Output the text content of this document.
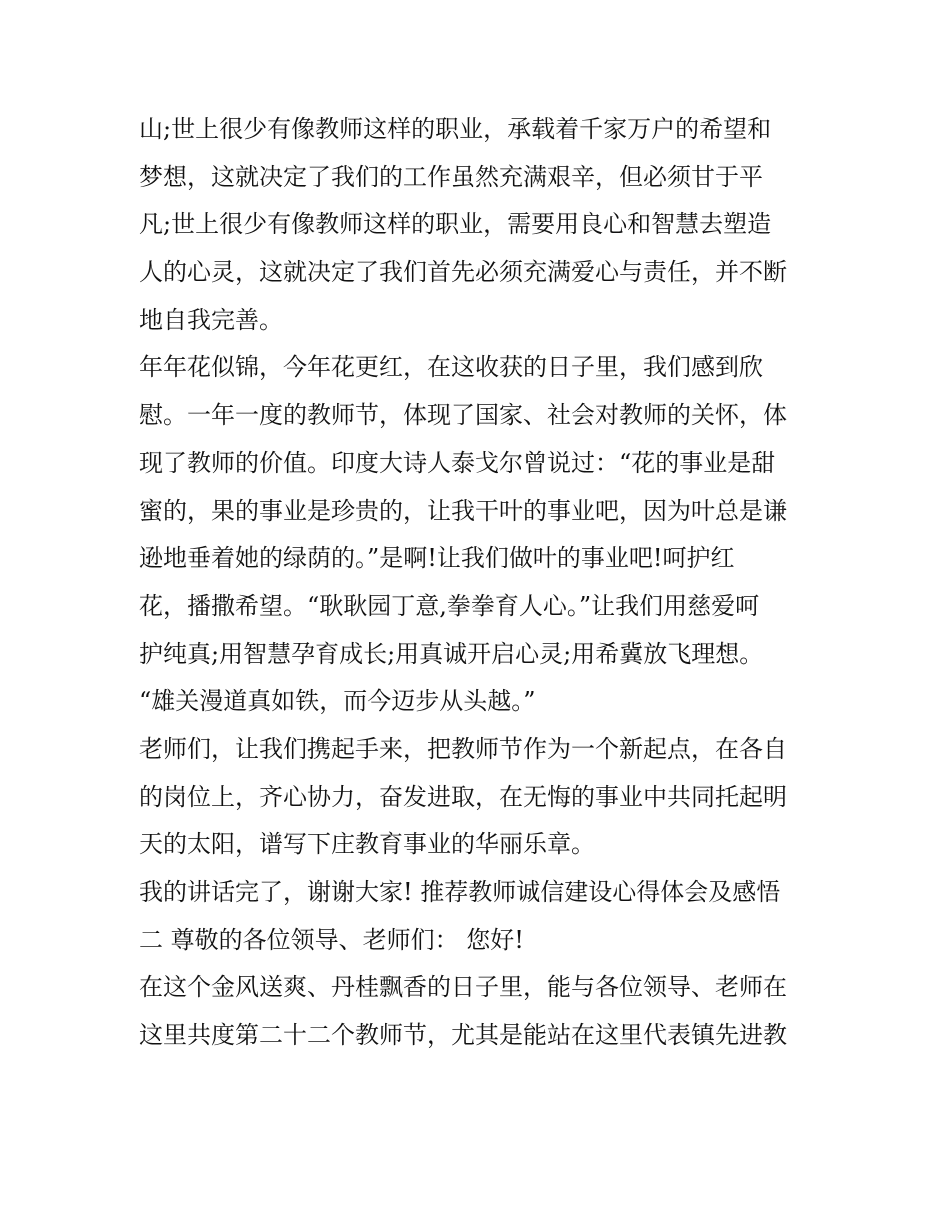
山;世上很少有像教师这样的职业，承载着千家万户的希望和
梦想，这就决定了我们的工作虽然充满艰辛，但必须甘于平
凡;世上很少有像教师这样的职业，需要用良心和智慧去塑造
人的心灵，这就决定了我们首先必须充满爱心与责任，并不断
地自我完善。
年年花似锦，今年花更红，在这收获的日子里，我们感到欣
慰。一年一度的教师节，体现了国家、社会对教师的关怀，体
现了教师的价值。印度大诗人泰戈尔曾说过：“花的事业是甜
蜜的，果的事业是珍贵的，让我干叶的事业吧，因为叶总是谦
逊地垂着她的绿荫的。”是啊!让我们做叶的事业吧!呵护红
花，播撒希望。“耿耿园丁意,拳拳育人心。”让我们用慈爱呵
护纯真;用智慧孕育成长;用真诚开启心灵;用希冀放飞理想。
“雄关漫道真如铁，而今迈步从头越。”
老师们，让我们携起手来，把教师节作为一个新起点，在各自
的岗位上，齐心协力，奋发进取，在无悔的事业中共同托起明
天的太阳，谱写下庄教育事业的华丽乐章。
我的讲话完了，谢谢大家! 推荐教师诚信建设心得体会及感悟
二 尊敬的各位领导、老师们： 您好!
在这个金风送爽、丹桂飘香的日子里，能与各位领导、老师在
这里共度第二十二个教师节，尤其是能站在这里代表镇先进教
